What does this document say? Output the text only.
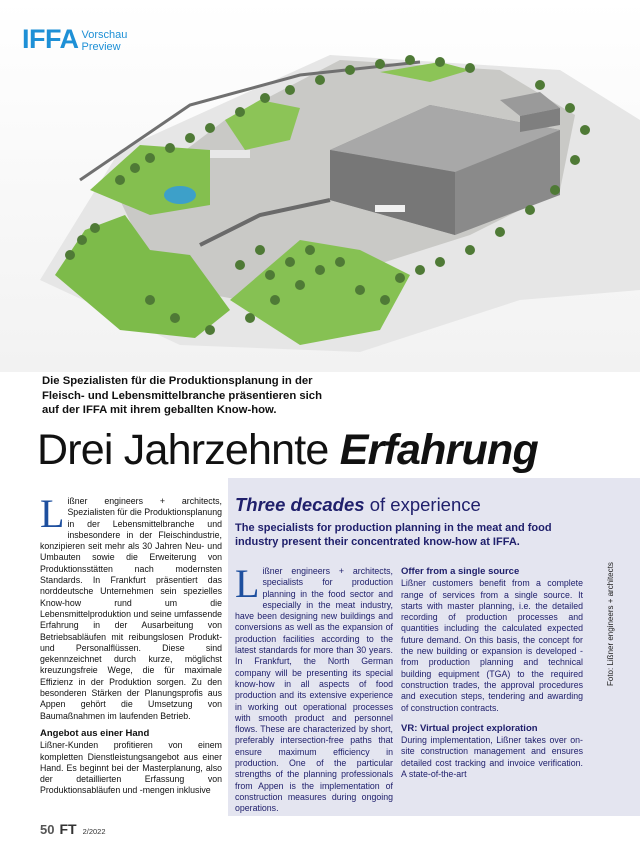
IFFA Vorschau
Preview
Die Spezialisten für die Produktionsplanung in der Fleisch- und Lebensmittelbranche präsentieren sich auf der IFFA mit ihrem geballten Know-how.
Drei Jahrzehnte Erfahrung

Lißner engineers + architects, Spezialisten für die Produktionsplanung in der Lebensmittelbranche und insbesondere in der Fleischindustrie, konzipieren seit mehr als 30 Jahren Neu- und Umbauten sowie die Erweiterung von Produktionsstätten nach modernsten Standards. In Frankfurt präsentiert das norddeutsche Unternehmen sein spezielles Know-how rund um die Lebensmittelproduktion und seine umfassende Erfahrung in der Ausarbeitung von Betriebsabläufen mit reibungslosen Produkt- und Personalflüssen. Diese sind gekennzeichnet durch kurze, möglichst kreuzungsfreie Wege, die für maximale Effizienz in der Produktion sorgen. Zu den besonderen Stärken der Planungsprofis aus Appen gehört die Umsetzung von Baumaßnahmen im laufenden Betrieb.

Angebot aus einer Hand

Lißner-Kunden profitieren von einem kompletten Dienstleistungsangebot aus einer Hand. Es beginnt bei der Masterplanung, also der detaillierten Erfassung von Produktionsabläufen und -mengen inklusive

Three decades of experience
The specialists for production planning in the meat and food industry present their concentrated know-how at IFFA.

Lißner engineers + architects, specialists for production planning in the food sector and especially in the meat industry, have been designing new buildings and conversions as well as the expansion of production facilities according to the latest standards for more than 30 years. In Frankfurt, the North German company will be presenting its special know-how in all aspects of food production and its extensive experience in working out operational processes with smooth product and personnel flows. These are characterized by short, preferably intersection-free paths that ensure maximum efficiency in production. One of the particular strengths of the planning professionals from Appen is the implementation of construction measures during ongoing operations.

Offer from a single source

Lißner customers benefit from a complete range of services from a single source. It starts with master planning, i.e. the detailed recording of production processes and quantities including the calculated expected future demand. On this basis, the concept for the new building or expansion is developed - from production planning and technical building equipment (TGA) to the required construction trades, the approval procedures and execution steps, tendering and awarding of construction contracts.

VR: Virtual project exploration

During implementation, Lißner takes over on-site construction management and ensures detailed cost tracking and invoice verification. A state-of-the-art

Foto: Lißner engineers + architects
50 FT 2/2022
